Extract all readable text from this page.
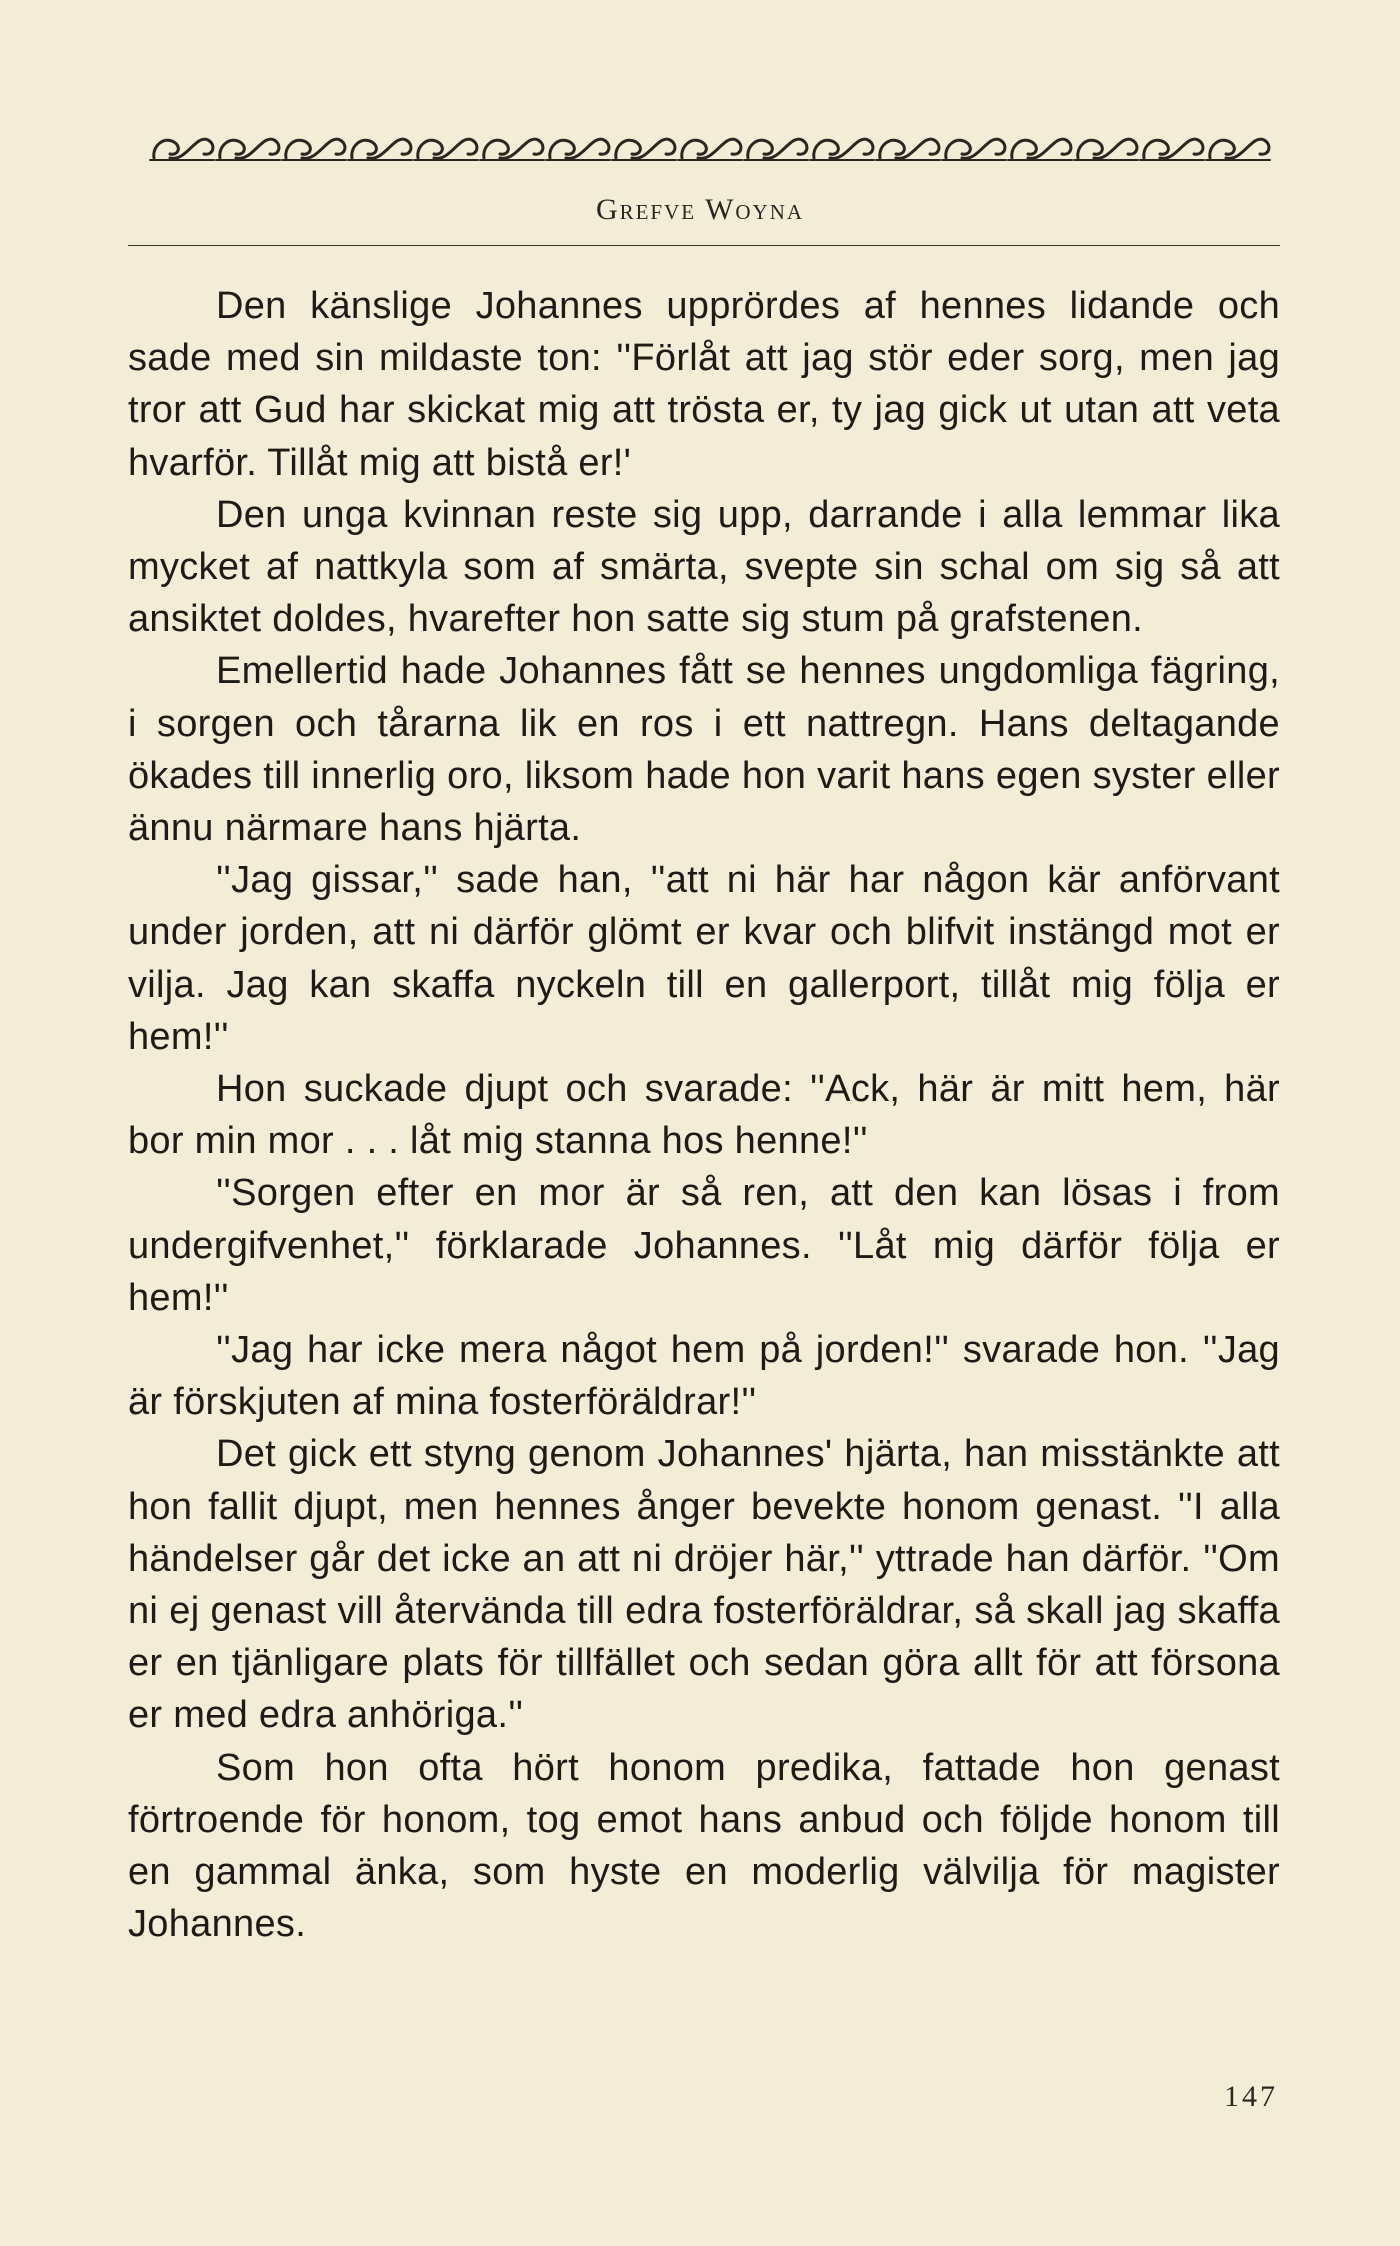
Grefve Woyna

Den känslige Johannes upprördes af hennes lidande och sade med sin mildaste ton: ''Förlåt att jag stör eder sorg, men jag tror att Gud har skickat mig att trösta er, ty jag gick ut utan att veta hvarför. Tillåt mig att bistå er!'

Den unga kvinnan reste sig upp, darrande i alla lemmar lika mycket af nattkyla som af smärta, svepte sin schal om sig så att ansiktet doldes, hvarefter hon satte sig stum på grafstenen.

Emellertid hade Johannes fått se hennes ungdomliga fägring, i sorgen och tårarna lik en ros i ett nattregn. Hans deltagande ökades till innerlig oro, liksom hade hon varit hans egen syster eller ännu närmare hans hjärta.

''Jag gissar,'' sade han, ''att ni här har någon kär anförvant under jorden, att ni därför glömt er kvar och blifvit instängd mot er vilja. Jag kan skaffa nyckeln till en gallerport, tillåt mig följa er hem!''

Hon suckade djupt och svarade: ''Ack, här är mitt hem, här bor min mor . . . låt mig stanna hos henne!''

''Sorgen efter en mor är så ren, att den kan lösas i from undergifvenhet,'' förklarade Johannes. ''Låt mig därför följa er hem!''

''Jag har icke mera något hem på jorden!'' svarade hon. ''Jag är förskjuten af mina fosterföräldrar!''

Det gick ett styng genom Johannes' hjärta, han misstänkte att hon fallit djupt, men hennes ånger bevekte honom genast. ''I alla händelser går det icke an att ni dröjer här,'' yttrade han därför. ''Om ni ej genast vill återvända till edra fosterföräldrar, så skall jag skaffa er en tjänligare plats för tillfället och sedan göra allt för att försona er med edra anhöriga.''

Som hon ofta hört honom predika, fattade hon genast förtroende för honom, tog emot hans anbud och följde honom till en gammal änka, som hyste en moderlig välvilja för magister Johannes.

147
